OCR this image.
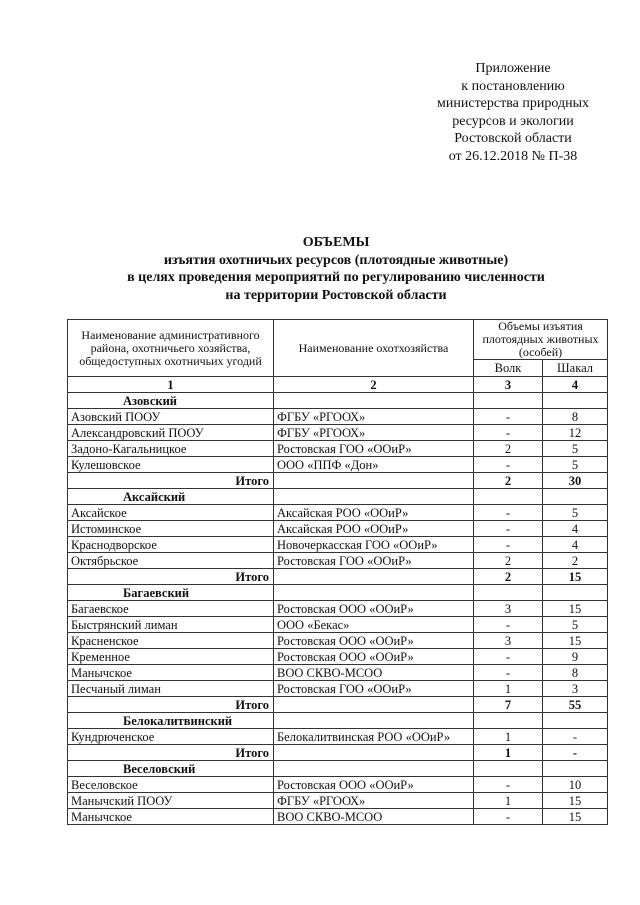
Приложение
к постановлению
министерства природных
ресурсов и экологии
Ростовской области
от 26.12.2018 № П-38
ОБЪЕМЫ
изъятия охотничьих ресурсов (плотоядные животные)
в целях проведения мероприятий по регулированию численности
на территории Ростовской области
Наименование административного района, охотничьего хозяйства, общедоступных охотничьих угодий	Наименование охотхозяйства	Объемы изъятия плотоядных животных (особей)	
		Волк	Шакал
1	2	3	4
Азовский			
Азовский ПООУ	ФГБУ «РГООХ»	-	8
Александровский ПООУ	ФГБУ «РГООХ»	-	12
Задоно-Кагальницкое	Ростовская ГОО «ООиР»	2	5
Кулешовское	ООО «ППФ «Дон»	-	5
Итого		2	30
Аксайский			
Аксайское	Аксайская РОО «ООиР»	-	5
Истоминское	Аксайская РОО «ООиР»	-	4
Краснодворское	Новочеркасская ГОО «ООиР»	-	4
Октябрьское	Ростовская ГОО «ООиР»	2	2
Итого		2	15
Багаевский			
Багаевское	Ростовская ООО «ООиР»	3	15
Быстрянский лиман	ООО «Бекас»	-	5
Красненское	Ростовская ООО «ООиР»	3	15
Кременное	Ростовская ООО «ООиР»	-	9
Манычское	ВОО СКВО-МСОО	-	8
Песчаный лиман	Ростовская ГОО «ООиР»	1	3
Итого		7	55
Белокалитвинский			
Кундрюченское	Белокалитвинская РОО «ООиР»	1	-
Итого		1	-
Веселовский			
Веселовское	Ростовская ООО «ООиР»	-	10
Манычский ПООУ	ФГБУ «РГООХ»	1	15
Манычское	ВОО СКВО-МСОО	-	15
